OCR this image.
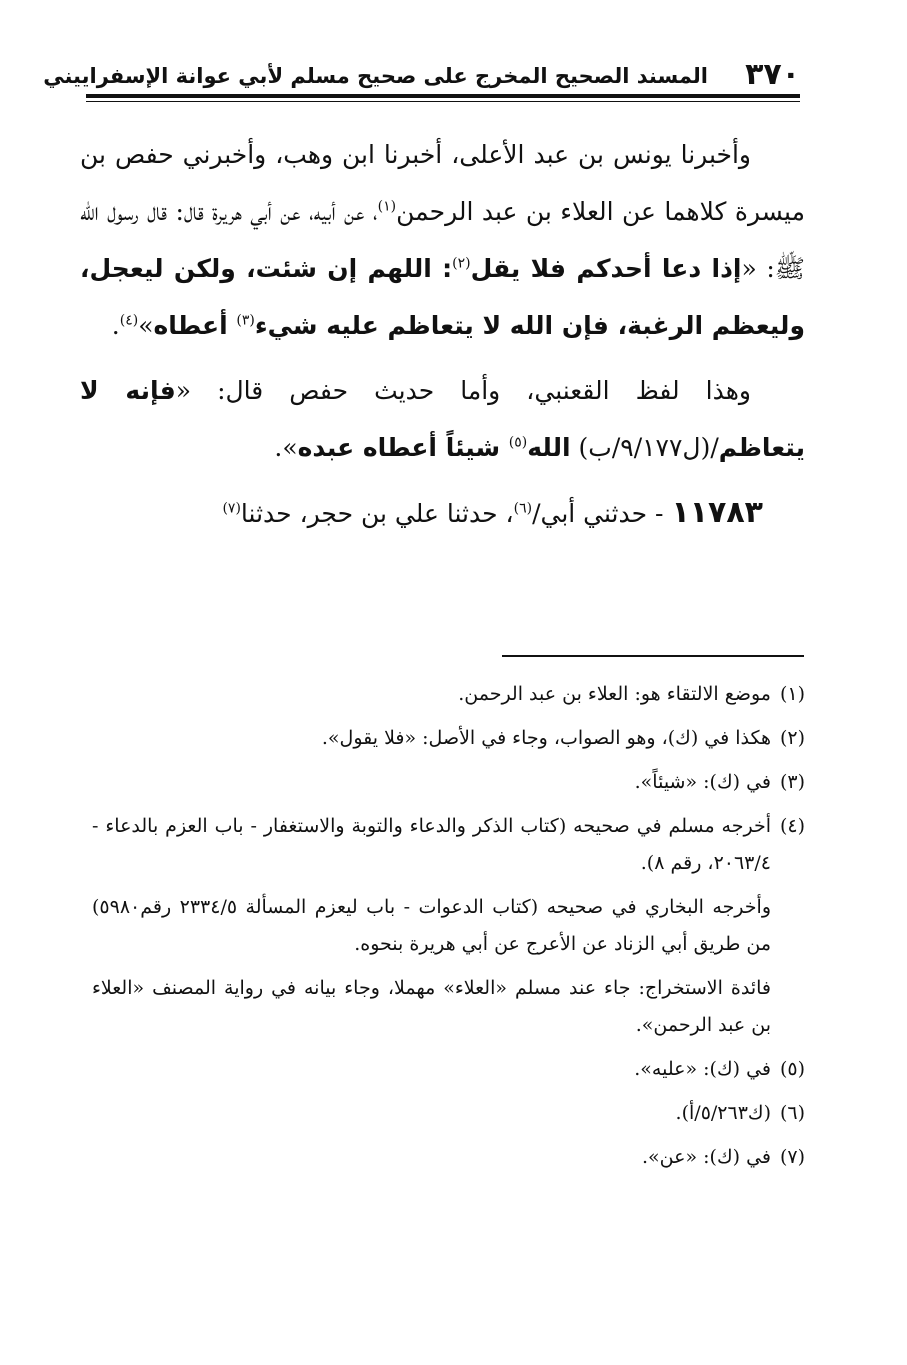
٣٧٠
المسند الصحيح المخرج على صحيح مسلم لأبي عوانة الإسفراييني

وأخبرنا يونس بن عبد الأعلى، أخبرنا ابن وهب، وأخبرني حفص بن ميسرة كلاهما عن العلاء بن عبد الرحمن$^{(١)}$، عن أبيه، عن أبي هريرة قال: قال رسول الله ﷺ: «إذا دعا أحدكم فلا يقل$^{(٢)}$: اللهم إن شئت، ولكن ليعجل، وليعظم الرغبة، فإن الله لا يتعاظم عليه شيء$^{(٣)}$ أعطاه»$^{(٤)}$.

وهذا لفظ القعنبي، وأما حديث حفص قال: «فإنه لا يتعاظم/(ل٩/١٧٧/ب) الله$^{(٥)}$ شيئاً أعطاه عبده».

١١٧٨٣ - حدثني أبي/$^{(٦)}$، حدثنا علي بن حجر، حدثنا$^{(٧)}$

(١)موضع الالتقاء هو: العلاء بن عبد الرحمن.
(٢)هكذا في (ك)، وهو الصواب، وجاء في الأصل: «فلا يقول».
(٣)في (ك): «شيئاً».
(٤)أخرجه مسلم في صحيحه (كتاب الذكر والدعاء والتوبة والاستغفار - باب العزم بالدعاء - ٢٠٦٣/٤، رقم ٨).
وأخرجه البخاري في صحيحه (كتاب الدعوات - باب ليعزم المسألة ٢٣٣٤/٥ رقم٥٩٨٠) من طريق أبي الزناد عن الأعرج عن أبي هريرة بنحوه.
فائدة الاستخراج: جاء عند مسلم «العلاء» مهملا، وجاء بيانه في رواية المصنف «العلاء بن عبد الرحمن».
(٥)في (ك): «عليه».
(٦)(ك٥/٢٦٣/أ).
(٧)في (ك): «عن».
